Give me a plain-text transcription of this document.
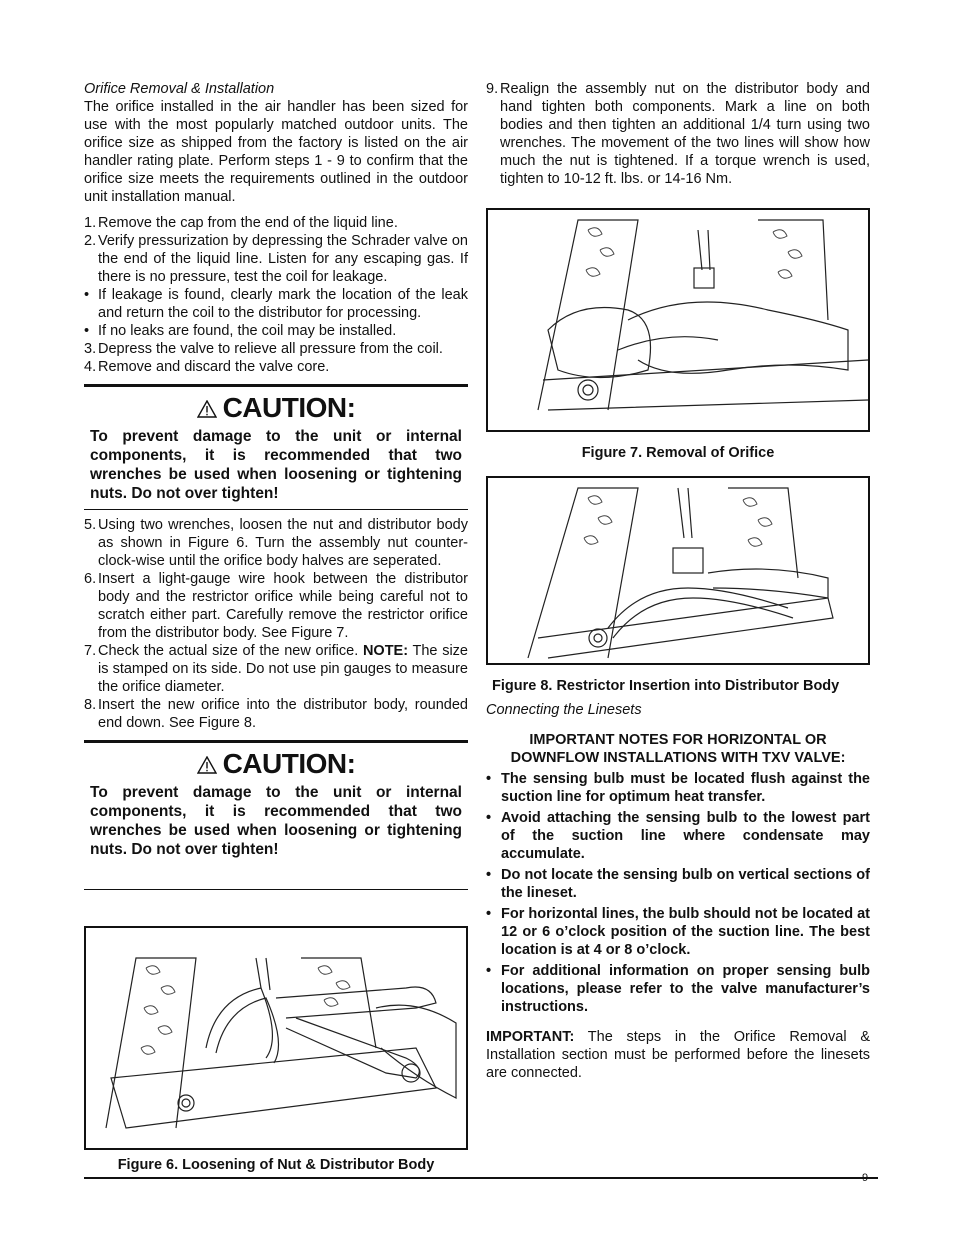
Orifice Removal & Installation

The orifice installed in the air handler has been sized for use with the most popularly matched outdoor units. The orifice size as shipped from the factory is listed on the air handler rating plate. Perform steps 1 - 9 to confirm that the orifice size meets the requirements outlined in the outdoor unit installation manual.

1. Remove the cap from the end of the liquid line.
2. Verify pressurization by depressing the Schrader valve on the end of the liquid line. Listen for any escaping gas. If there is no pressure, test the coil for leakage.
• If leakage is found, clearly mark the location of the leak and return the coil to the distributor for processing.
• If no leaks are found, the coil may be installed.
3. Depress the valve to relieve all pressure from the coil.
4. Remove and discard the valve core.
CAUTION:

To prevent damage to the unit or internal components, it is recommended that two wrenches be used when loosening or tightening nuts. Do not over tighten!

5. Using two wrenches, loosen the nut and distributor body as shown in Figure 6. Turn the assembly nut counter-clock-wise until the orifice body halves are seperated.
6. Insert a light-gauge wire hook between the distributor body and the restrictor orifice while being careful not to scratch either part. Carefully remove the restrictor orifice from the distributor body. See Figure 7.
7. Check the actual size of the new orifice. NOTE: The size is stamped on its side. Do not use pin gauges to measure the orifice diameter.
8. Insert the new orifice into the distributor body, rounded end down. See Figure 8.
CAUTION:

To prevent damage to the unit or internal components, it is recommended that two wrenches be used when loosening or tightening nuts. Do not over tighten!

Figure 6. Loosening of Nut & Distributor Body

9. Realign the assembly nut on the distributor body and hand tighten both components. Mark a line on both bodies and then tighten an additional 1/4 turn using two wrenches. The movement of the two lines will show how much the nut is tightened. If a torque wrench is used, tighten to 10-12 ft. lbs. or 14-16 Nm.

Figure 7. Removal of Orifice

Figure 8. Restrictor Insertion into Distributor Body

Connecting the Linesets

IMPORTANT NOTES FOR HORIZONTAL OR DOWNFLOW INSTALLATIONS WITH TXV VALVE:

• The sensing bulb must be located flush against the suction line for optimum heat transfer.
• Avoid attaching the sensing bulb to the lowest part of the suction line where condensate may accumulate.
• Do not locate the sensing bulb on vertical sections of the lineset.
• For horizontal lines, the bulb should not be located at 12 or 6 o’clock position of the suction line. The best location is at 4 or 8 o’clock.
• For additional information on proper sensing bulb locations, please refer to the valve manufacturer’s instructions.

IMPORTANT: The steps in the Orifice Removal & Installation section must be performed before the linesets are connected.

9
